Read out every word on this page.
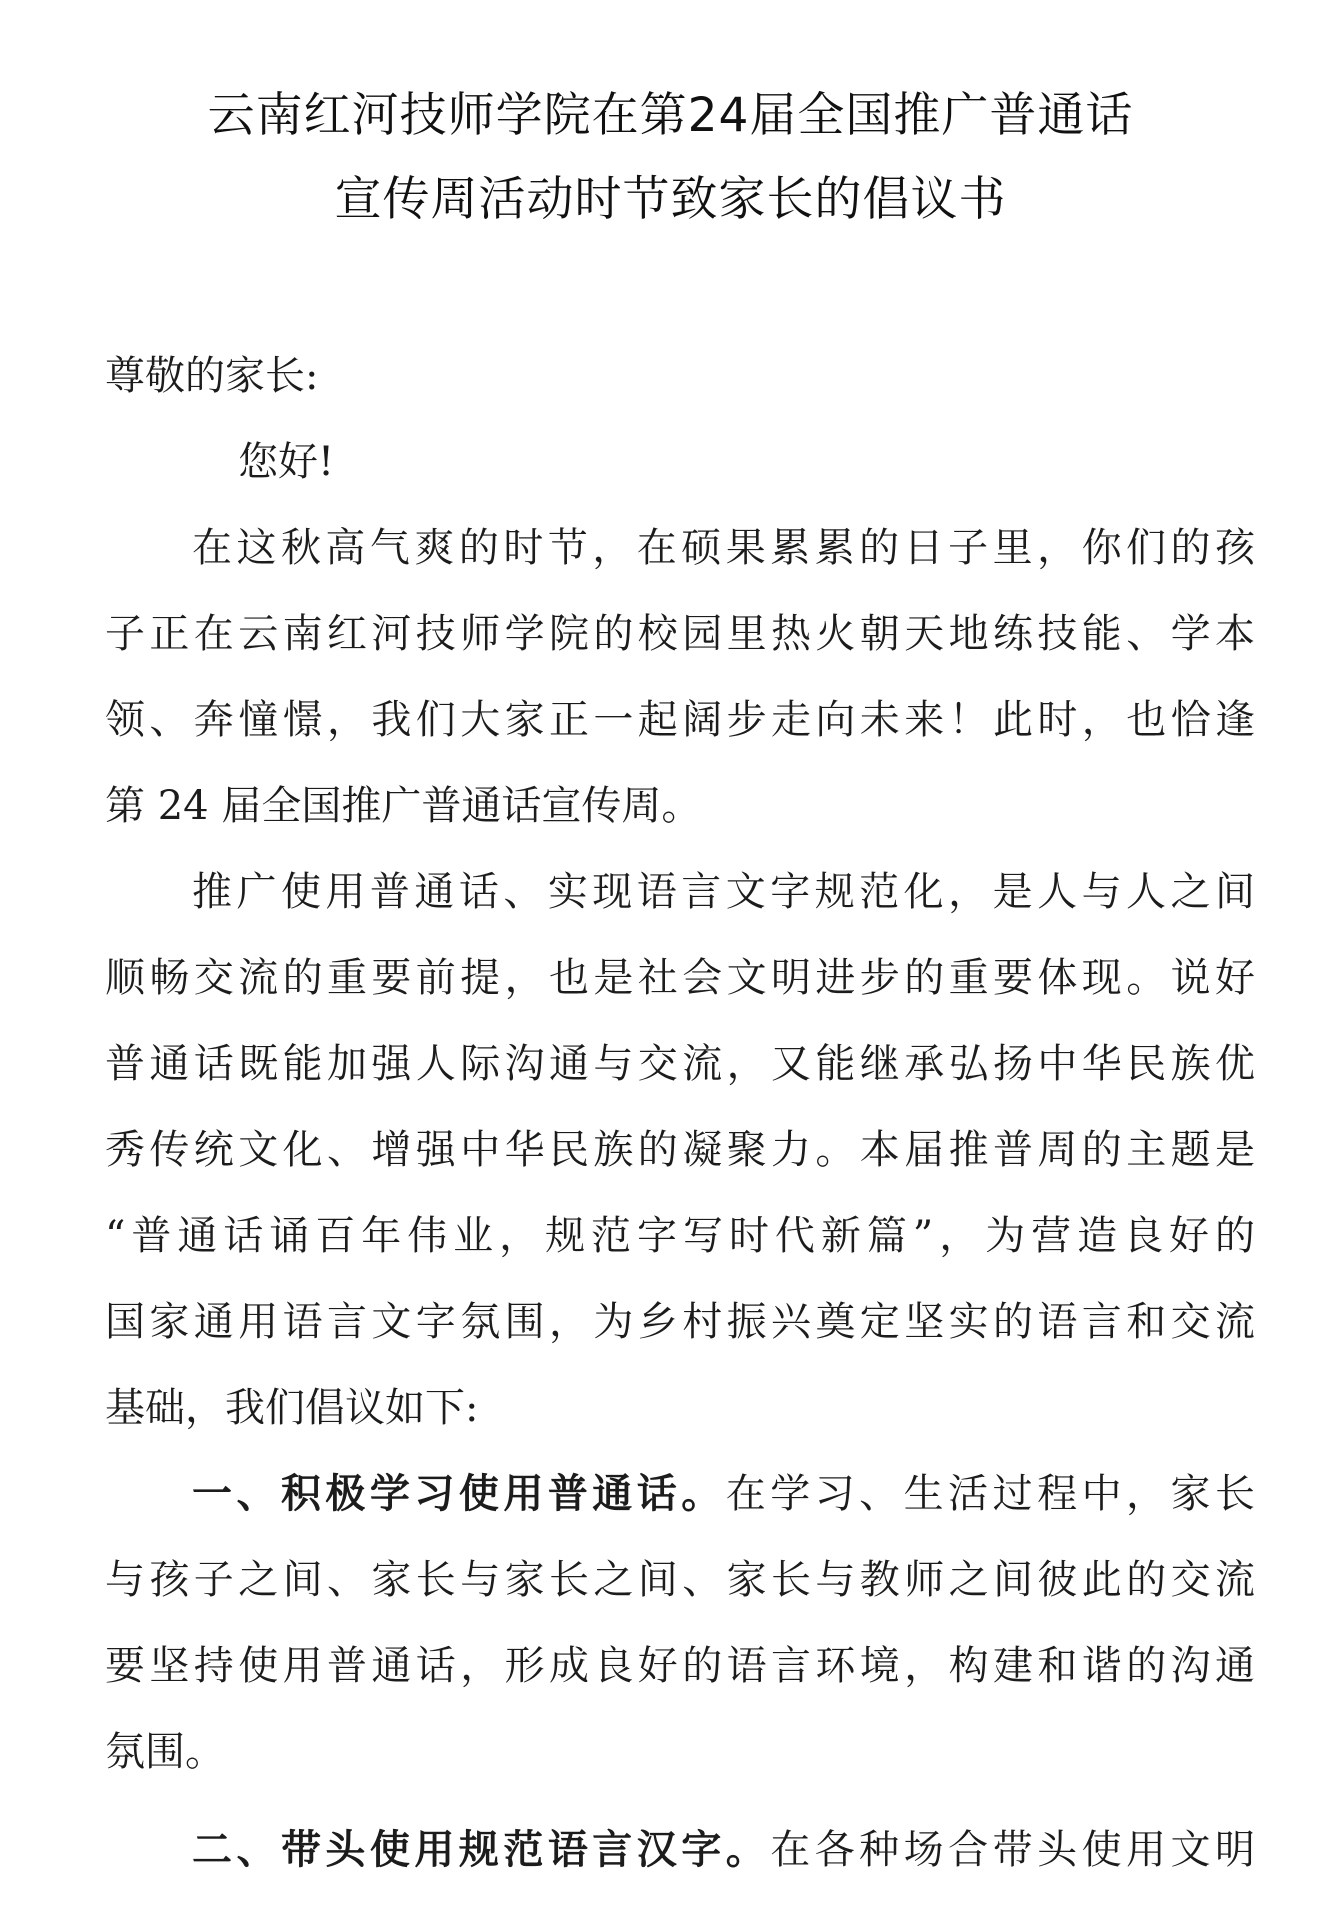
云南红河技师学院在第24届全国推广普通话
宣传周活动时节致家长的倡议书
尊敬的家长:
您好!
在这秋高气爽的时节，在硕果累累的日子里，你们的孩
子正在云南红河技师学院的校园里热火朝天地练技能、学本
领、奔憧憬，我们大家正一起阔步走向未来！此时，也恰逢
第 24 届全国推广普通话宣传周。
推广使用普通话、实现语言文字规范化，是人与人之间
顺畅交流的重要前提，也是社会文明进步的重要体现。说好
普通话既能加强人际沟通与交流，又能继承弘扬中华民族优
秀传统文化、增强中华民族的凝聚力。本届推普周的主题是
“普通话诵百年伟业，规范字写时代新篇”，为营造良好的
国家通用语言文字氛围，为乡村振兴奠定坚实的语言和交流
基础，我们倡议如下:
一、积极学习使用普通话。在学习、生活过程中，家长
与孩子之间、家长与家长之间、家长与教师之间彼此的交流
要坚持使用普通话，形成良好的语言环境，构建和谐的沟通
氛围。
二、带头使用规范语言汉字。在各种场合带头使用文明
